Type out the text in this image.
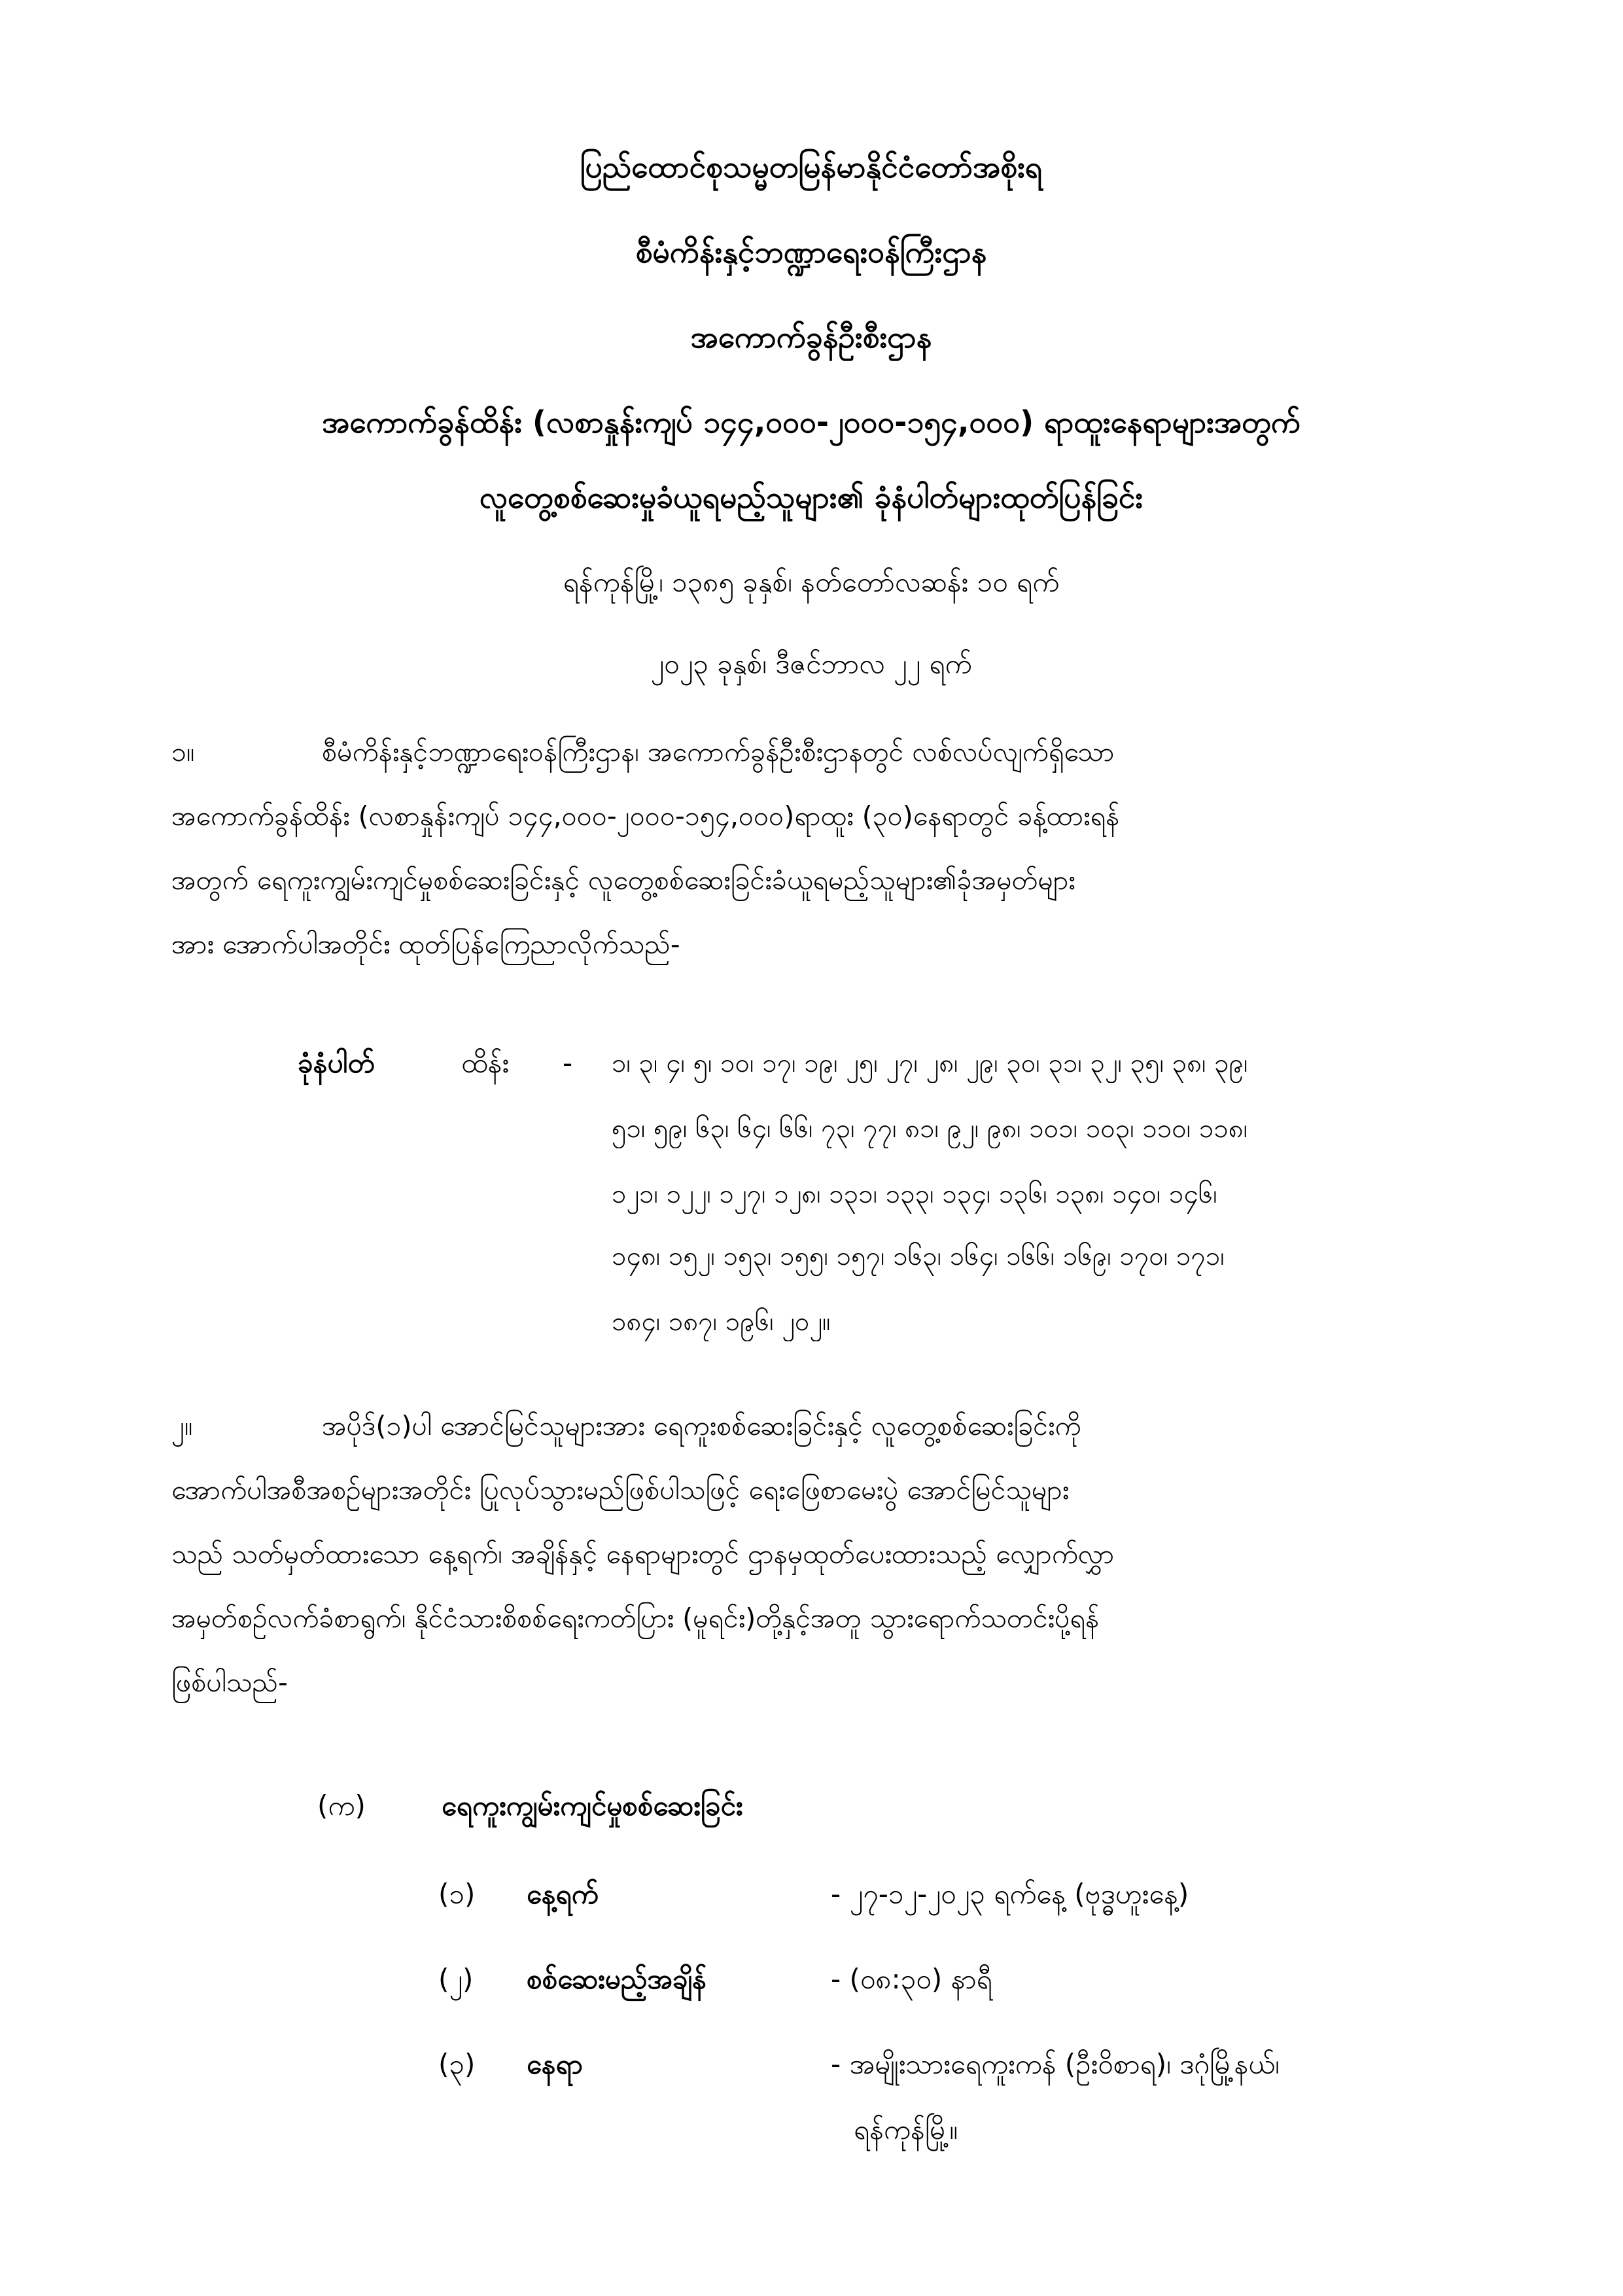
ပြည်ထောင်စုသမ္မတမြန်မာနိုင်ငံတော်အစိုးရ
စီမံကိန်းနှင့်ဘဏ္ဍာရေးဝန်ကြီးဌာန
အကောက်ခွန်ဦးစီးဌာန
အကောက်ခွန်ထိန်း (လစာနှုန်းကျပ် ၁၄၄,၀၀၀-၂၀၀၀-၁၅၄,၀၀၀) ရာထူးနေရာများအတွက်
လူတွေ့စစ်ဆေးမှုခံယူရမည့်သူများ၏ ခုံနံပါတ်များထုတ်ပြန်ခြင်း
ရန်ကုန်မြို့၊ ၁၃၈၅ ခုနှစ်၊ နတ်တော်လဆန်း ၁၀ ရက်
၂၀၂၃ ခုနှစ်၊ ဒီဇင်ဘာလ ၂၂ ရက်
၁။	စီမံကိန်းနှင့်ဘဏ္ဍာရေးဝန်ကြီးဌာန၊ အကောက်ခွန်ဦးစီးဌာနတွင် လစ်လပ်လျက်ရှိသော
အကောက်ခွန်ထိန်း (လစာနှုန်းကျပ် ၁၄၄,၀၀၀-၂၀၀၀-၁၅၄,၀၀၀)ရာထူး (၃၀)နေရာတွင် ခန့်ထားရန်
အတွက် ရေကူးကျွမ်းကျင်မှုစစ်ဆေးခြင်းနှင့် လူတွေ့စစ်ဆေးခြင်းခံယူရမည့်သူများ၏ခုံအမှတ်များ
အား အောက်ပါအတိုင်း ထုတ်ပြန်ကြေညာလိုက်သည်-
ခုံနံပါတ်	ထိန်း - ၁၊ ၃၊ ၄၊ ၅၊ ၁၀၊ ၁၇၊ ၁၉၊ ၂၅၊ ၂၇၊ ၂၈၊ ၂၉၊ ၃၀၊ ၃၁၊ ၃၂၊ ၃၅၊ ၃၈၊ ၃၉၊
၅၁၊ ၅၉၊ ၆၃၊ ၆၄၊ ၆၆၊ ၇၃၊ ၇၇၊ ၈၁၊ ၉၂၊ ၉၈၊ ၁၀၁၊ ၁၀၃၊ ၁၁၀၊ ၁၁၈၊
၁၂၁၊ ၁၂၂၊ ၁၂၇၊ ၁၂၈၊ ၁၃၁၊ ၁၃၃၊ ၁၃၄၊ ၁၃၆၊ ၁၃၈၊ ၁၄၀၊ ၁၄၆၊
၁၄၈၊ ၁၅၂၊ ၁၅၃၊ ၁၅၅၊ ၁၅၇၊ ၁၆၃၊ ၁၆၄၊ ၁၆၆၊ ၁၆၉၊ ၁၇၀၊ ၁၇၁၊
၁၈၄၊ ၁၈၇၊ ၁၉၆၊ ၂၀၂။
၂။	အပိုဒ်(၁)ပါ အောင်မြင်သူများအား ရေကူးစစ်ဆေးခြင်းနှင့် လူတွေ့စစ်ဆေးခြင်းကို
အောက်ပါအစီအစဉ်များအတိုင်း ပြုလုပ်သွားမည်ဖြစ်ပါသဖြင့် ရေးဖြေစာမေးပွဲ အောင်မြင်သူများ
သည် သတ်မှတ်ထားသော နေ့ရက်၊ အချိန်နှင့် နေရာများတွင် ဌာနမှထုတ်ပေးထားသည့် လျှောက်လွှာ
အမှတ်စဉ်လက်ခံစာရွက်၊ နိုင်ငံသားစိစစ်ရေးကတ်ပြား (မူရင်း)တို့နှင့်အတူ သွားရောက်သတင်းပို့ရန်
ဖြစ်ပါသည်-
(က)	ရေကူးကျွမ်းကျင်မှုစစ်ဆေးခြင်း
(၁) နေ့ရက်	- ၂၇-၁၂-၂၀၂၃ ရက်နေ့ (ဗုဒ္ဓဟူးနေ့)
(၂) စစ်ဆေးမည့်အချိန်	- (၀၈:၃၀) နာရီ
(၃) နေရာ	- အမျိုးသားရေကူးကန် (ဦးဝိစာရ)၊ ဒဂုံမြို့နယ်၊
ရန်ကုန်မြို့။
